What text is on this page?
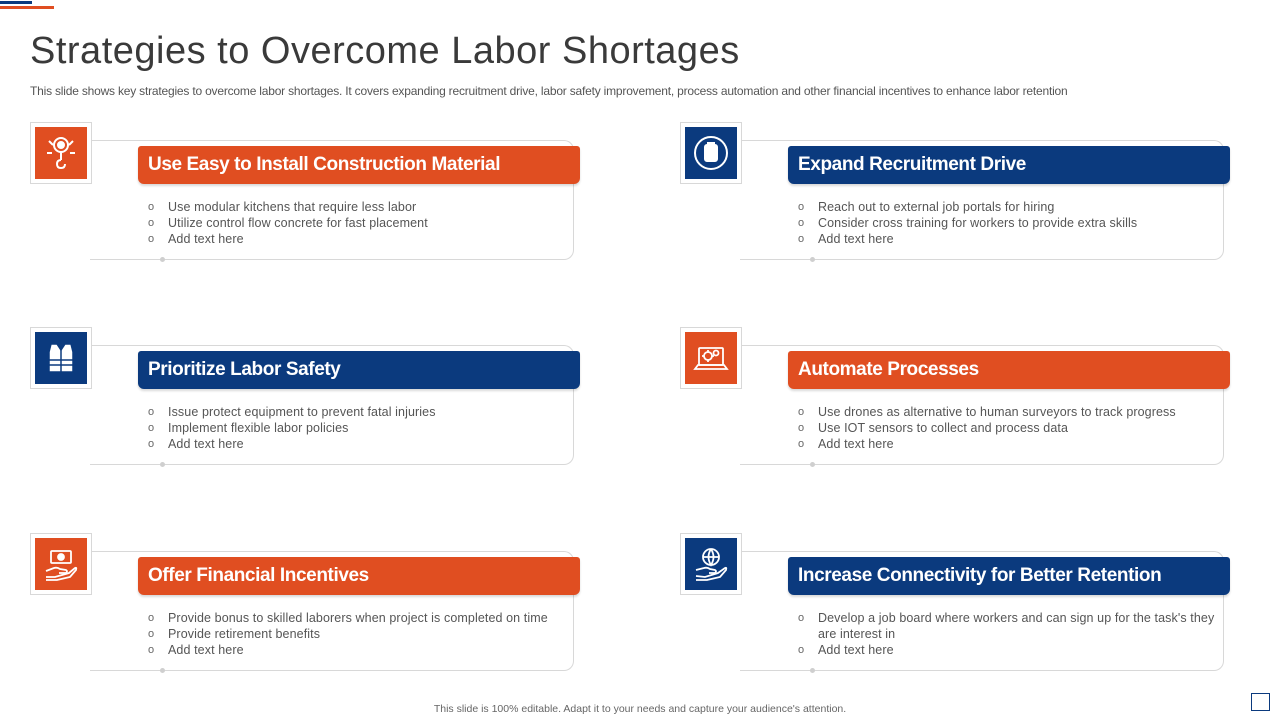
Strategies to Overcome Labor Shortages

This slide shows key strategies to overcome labor shortages. It covers expanding recruitment drive, labor safety improvement, process automation and other financial incentives to enhance labor retention

Use Easy to Install Construction Material
o Use modular kitchens that require less labor
o Utilize control flow concrete for fast placement
o Add text here
Expand Recruitment Drive
o Reach out to external job portals for hiring
o Consider cross training for workers to provide extra skills
o Add text here
Prioritize Labor Safety
o Issue protect equipment to prevent fatal injuries
o Implement flexible labor policies
o Add text here
Automate Processes
o Use drones as alternative to human surveyors to track progress
o Use IOT sensors to collect and process data
o Add text here
Offer Financial Incentives
o Provide bonus to skilled laborers when project is completed on time
o Provide retirement benefits
o Add text here
Increase Connectivity for Better Retention
o Develop a job board where workers and can sign up for the task's they are interest in
o Add text here
This slide is 100% editable. Adapt it to your needs and capture your audience's attention.
